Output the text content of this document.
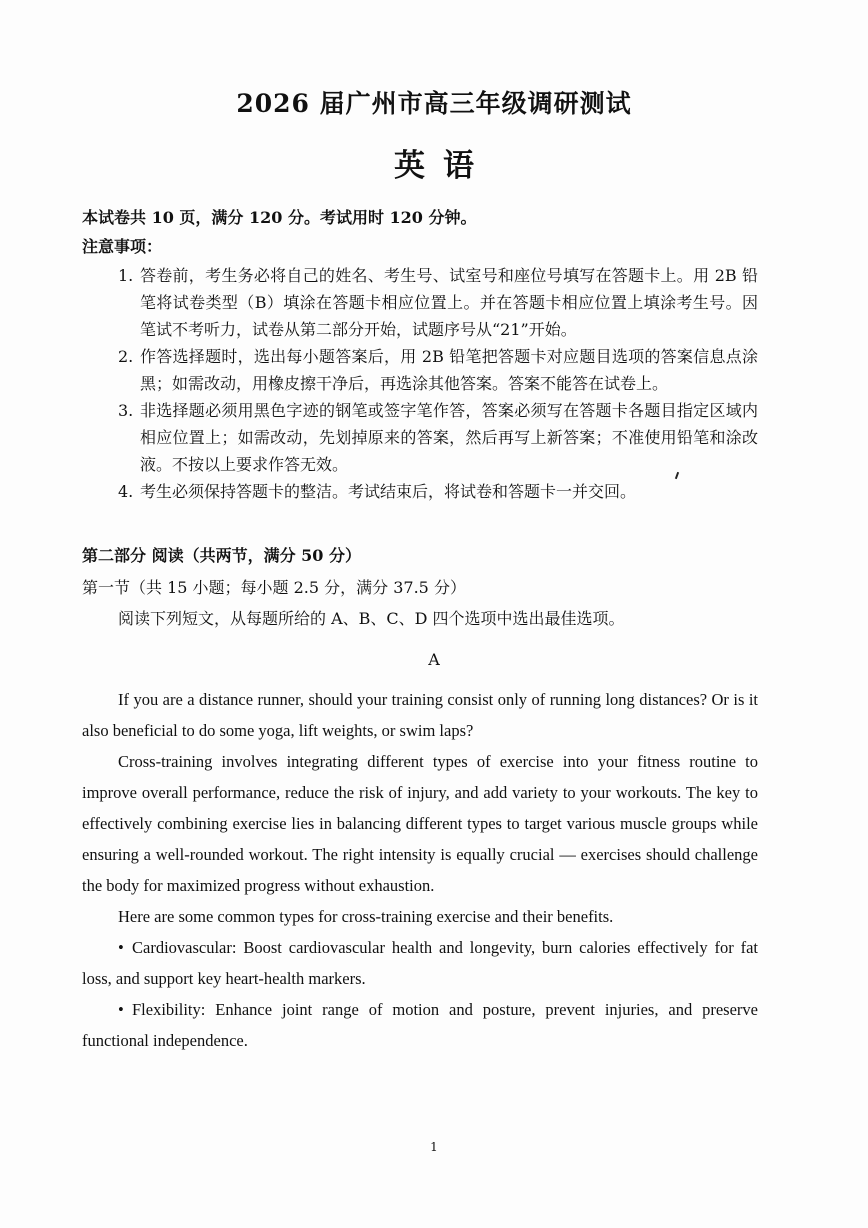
2026 届广州市高三年级调研测试
英语
本试卷共 10 页，满分 120 分。考试用时 120 分钟。
注意事项：
1. 答卷前，考生务必将自己的姓名、考生号、试室号和座位号填写在答题卡上。用 2B 铅笔将试卷类型（B）填涂在答题卡相应位置上。并在答题卡相应位置上填涂考生号。因笔试不考听力，试卷从第二部分开始，试题序号从“21”开始。
2. 作答选择题时，选出每小题答案后，用 2B 铅笔把答题卡对应题目选项的答案信息点涂黑；如需改动，用橡皮擦干净后，再选涂其他答案。答案不能答在试卷上。
3. 非选择题必须用黑色字迹的钢笔或签字笔作答，答案必须写在答题卡各题目指定区域内相应位置上；如需改动，先划掉原来的答案，然后再写上新答案；不准使用铅笔和涂改液。不按以上要求作答无效。
4. 考生必须保持答题卡的整洁。考试结束后，将试卷和答题卡一并交回。
第二部分 阅读（共两节，满分 50 分）
第一节（共 15 小题；每小题 2.5 分，满分 37.5 分）
阅读下列短文，从每题所给的 A、B、C、D 四个选项中选出最佳选项。
A

If you are a distance runner, should your training consist only of running long distances? Or is it also beneficial to do some yoga, lift weights, or swim laps?

Cross-training involves integrating different types of exercise into your fitness routine to improve overall performance, reduce the risk of injury, and add variety to your workouts. The key to effectively combining exercise lies in balancing different types to target various muscle groups while ensuring a well-rounded workout. The right intensity is equally crucial — exercises should challenge the body for maximized progress without exhaustion.

Here are some common types for cross-training exercise and their benefits.

• Cardiovascular: Boost cardiovascular health and longevity, burn calories effectively for fat loss, and support key heart-health markers.

• Flexibility: Enhance joint range of motion and posture, prevent injuries, and preserve functional independence.

1
